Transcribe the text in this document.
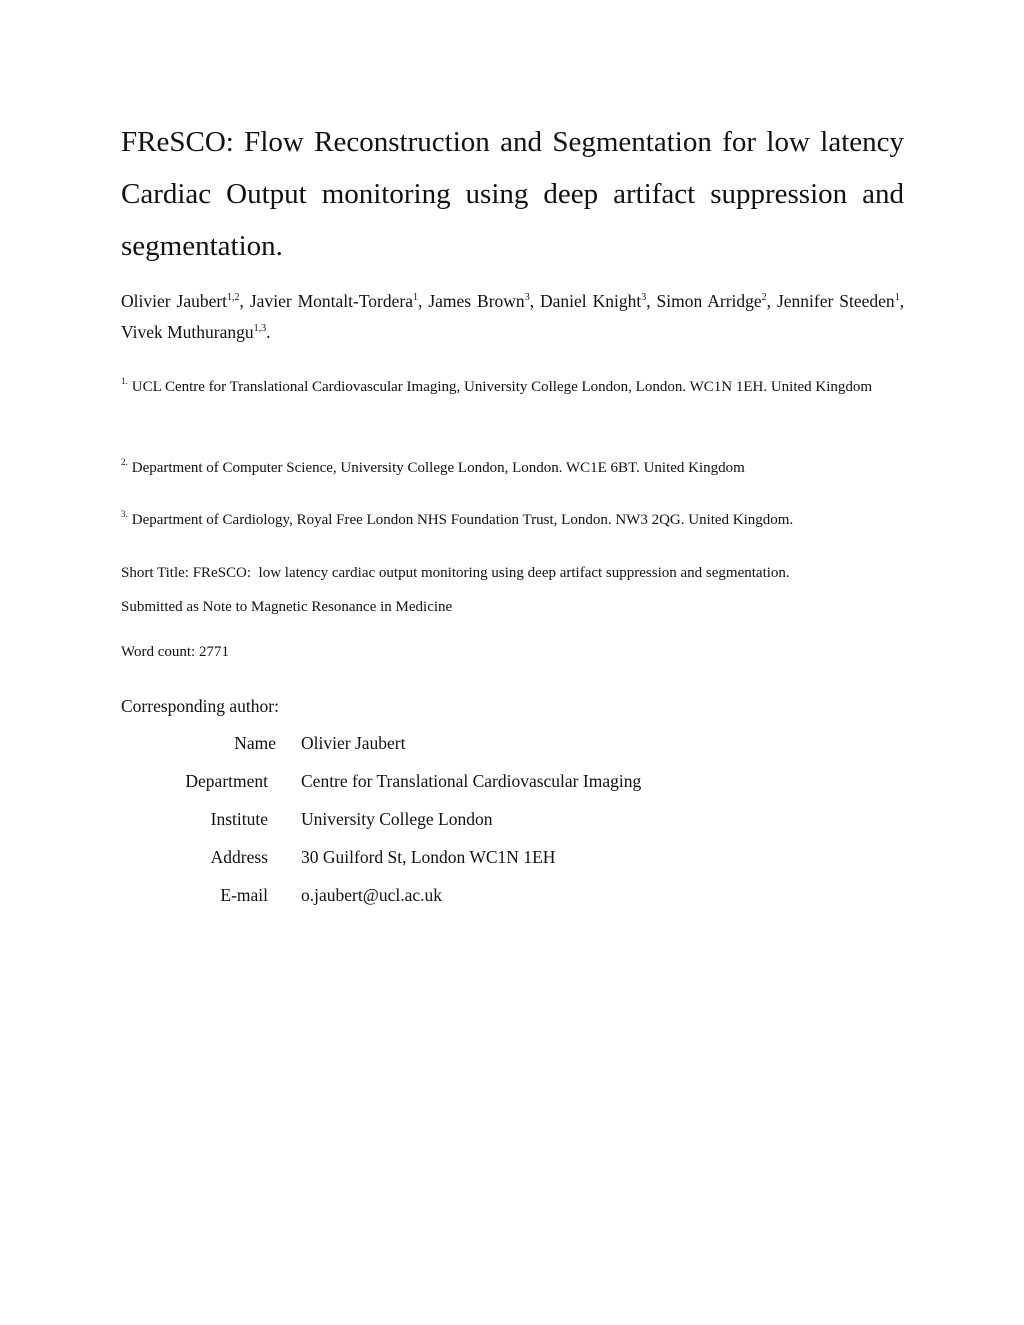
FReSCO: Flow Reconstruction and Segmentation for low latency Cardiac Output monitoring using deep artifact suppression and segmentation.

Olivier Jaubert$^{1,2}$, Javier Montalt-Tordera$^1$, James Brown$^3$, Daniel Knight$^3$, Simon Arridge$^2$, Jennifer Steeden$^1$, Vivek Muthurangu$^{1,3}$.

$^{1.}$ UCL Centre for Translational Cardiovascular Imaging, University College London, London. WC1N 1EH. United Kingdom

$^{2.}$ Department of Computer Science, University College London, London. WC1E 6BT. United Kingdom

$^{3.}$ Department of Cardiology, Royal Free London NHS Foundation Trust, London. NW3 2QG. United Kingdom.

Short Title: FReSCO:  low latency cardiac output monitoring using deep artifact suppression and segmentation.

Submitted as Note to Magnetic Resonance in Medicine

Word count: 2771

Corresponding author:

Name Olivier Jaubert
Department Centre for Translational Cardiovascular Imaging
Institute University College London
Address 30 Guilford St, London WC1N 1EH
E-mail o.jaubert@ucl.ac.uk
